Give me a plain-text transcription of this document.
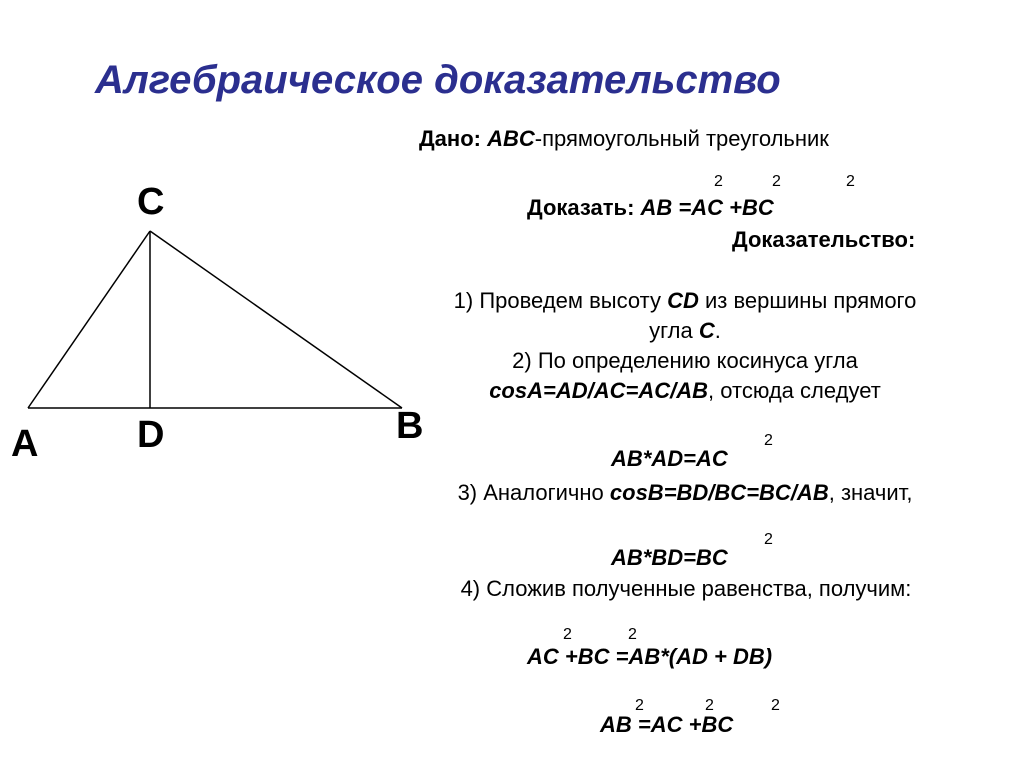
Алгебраическое доказательство
C
A	D	B
Дано: ABC-прямоугольный треугольник
Доказать: AB =AC +BC
2	2	2
Доказательство:
1) Проведем высоту CD из вершины прямого
угла C.
2) По определению косинуса угла
cosA=AD/AC=AC/AB, отсюда следует
AB*AD=AC
2
3) Аналогично cosB=BD/BC=BC/AB, значит,
AB*BD=BC
2
4) Сложив полученные равенства, получим:
AC +BC =AB*(AD + DB)
2	2
AB =AC +BC
2	2	2
